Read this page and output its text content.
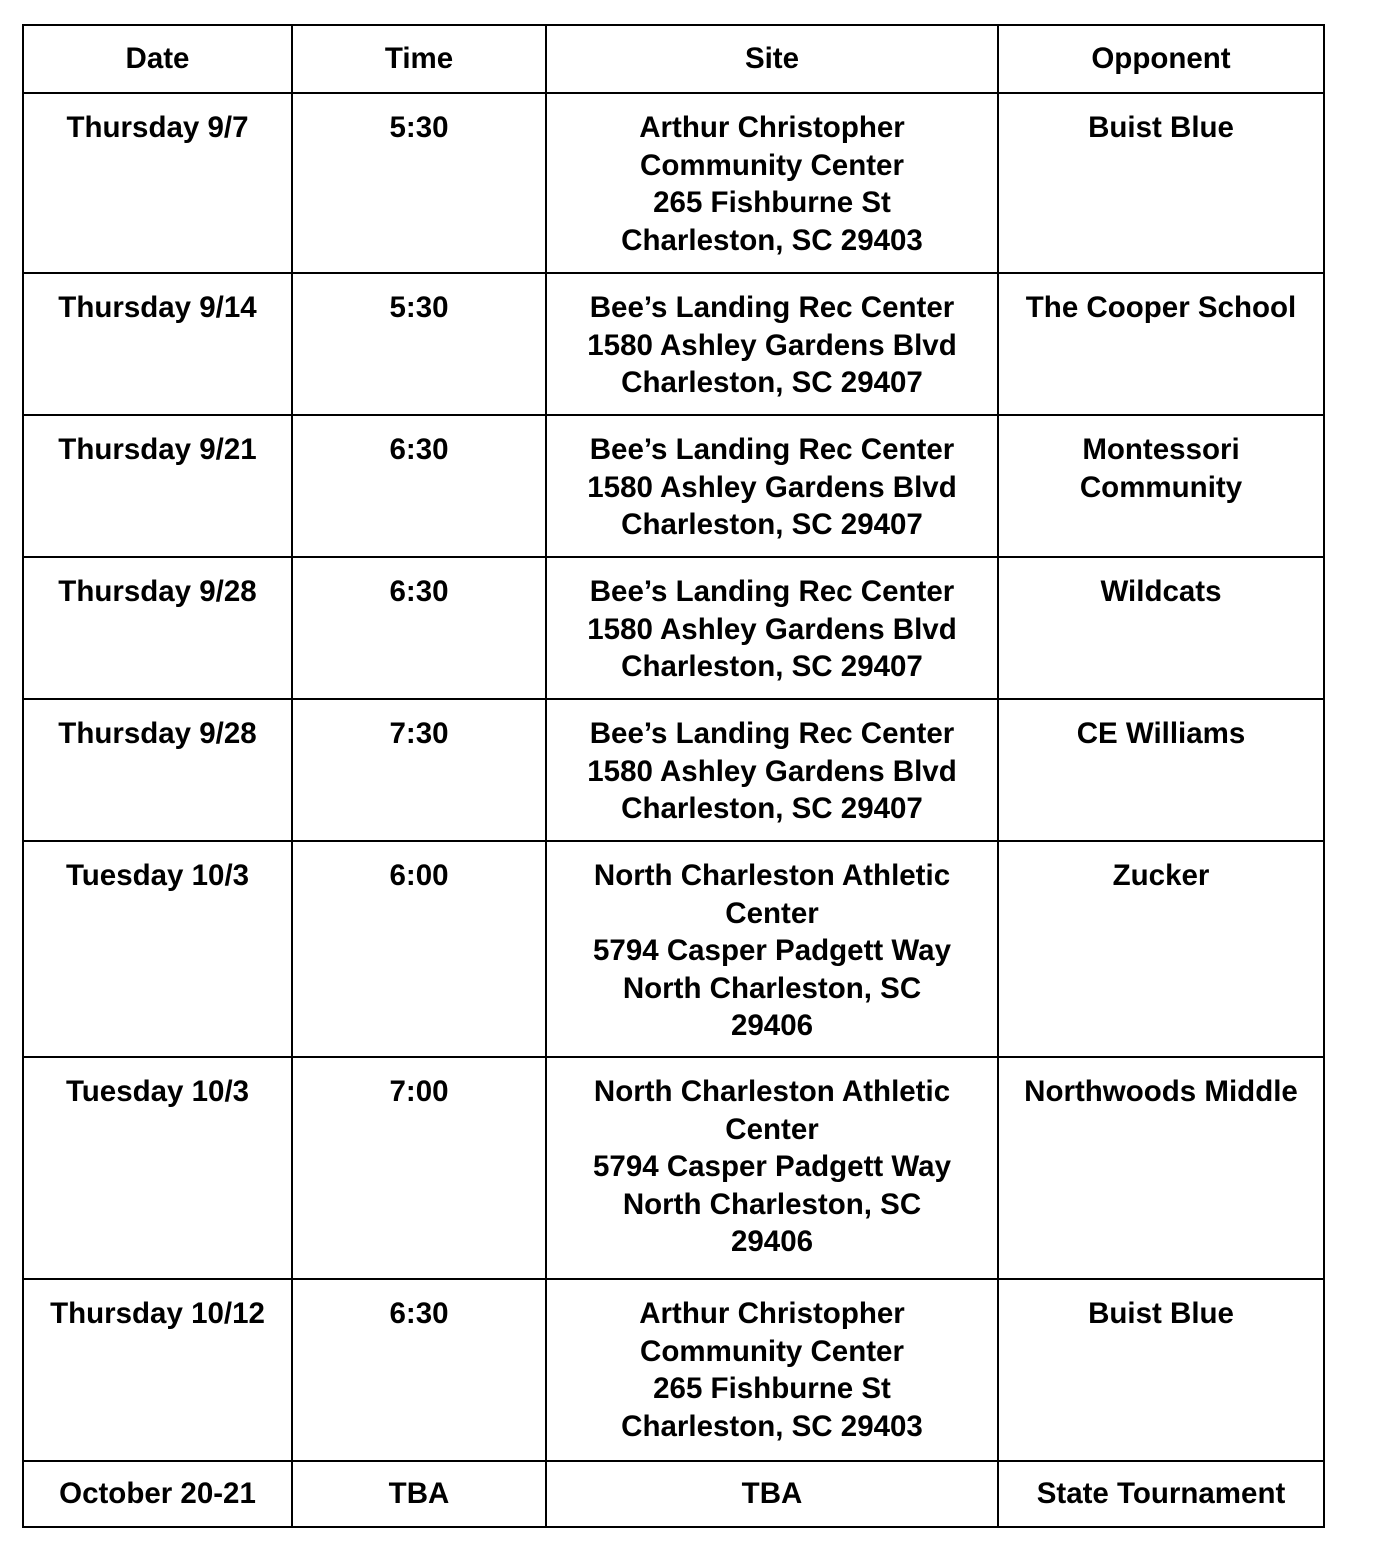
Date	Time	Site	Opponent
Thursday 9/7	5:30	Arthur Christopher
Community Center
265 Fishburne St
Charleston, SC 29403	Buist Blue
Thursday 9/14	5:30	Bee’s Landing Rec Center
1580 Ashley Gardens Blvd
Charleston, SC 29407	The Cooper School
Thursday 9/21	6:30	Bee’s Landing Rec Center
1580 Ashley Gardens Blvd
Charleston, SC 29407	Montessori
Community
Thursday 9/28	6:30	Bee’s Landing Rec Center
1580 Ashley Gardens Blvd
Charleston, SC 29407	Wildcats
Thursday 9/28	7:30	Bee’s Landing Rec Center
1580 Ashley Gardens Blvd
Charleston, SC 29407	CE Williams
Tuesday 10/3	6:00	North Charleston Athletic
Center
5794 Casper Padgett Way
North Charleston, SC
29406	Zucker
Tuesday 10/3	7:00	North Charleston Athletic
Center
5794 Casper Padgett Way
North Charleston, SC
29406	Northwoods Middle
Thursday 10/12	6:30	Arthur Christopher
Community Center
265 Fishburne St
Charleston, SC 29403	Buist Blue
October 20-21	TBA	TBA	State Tournament
